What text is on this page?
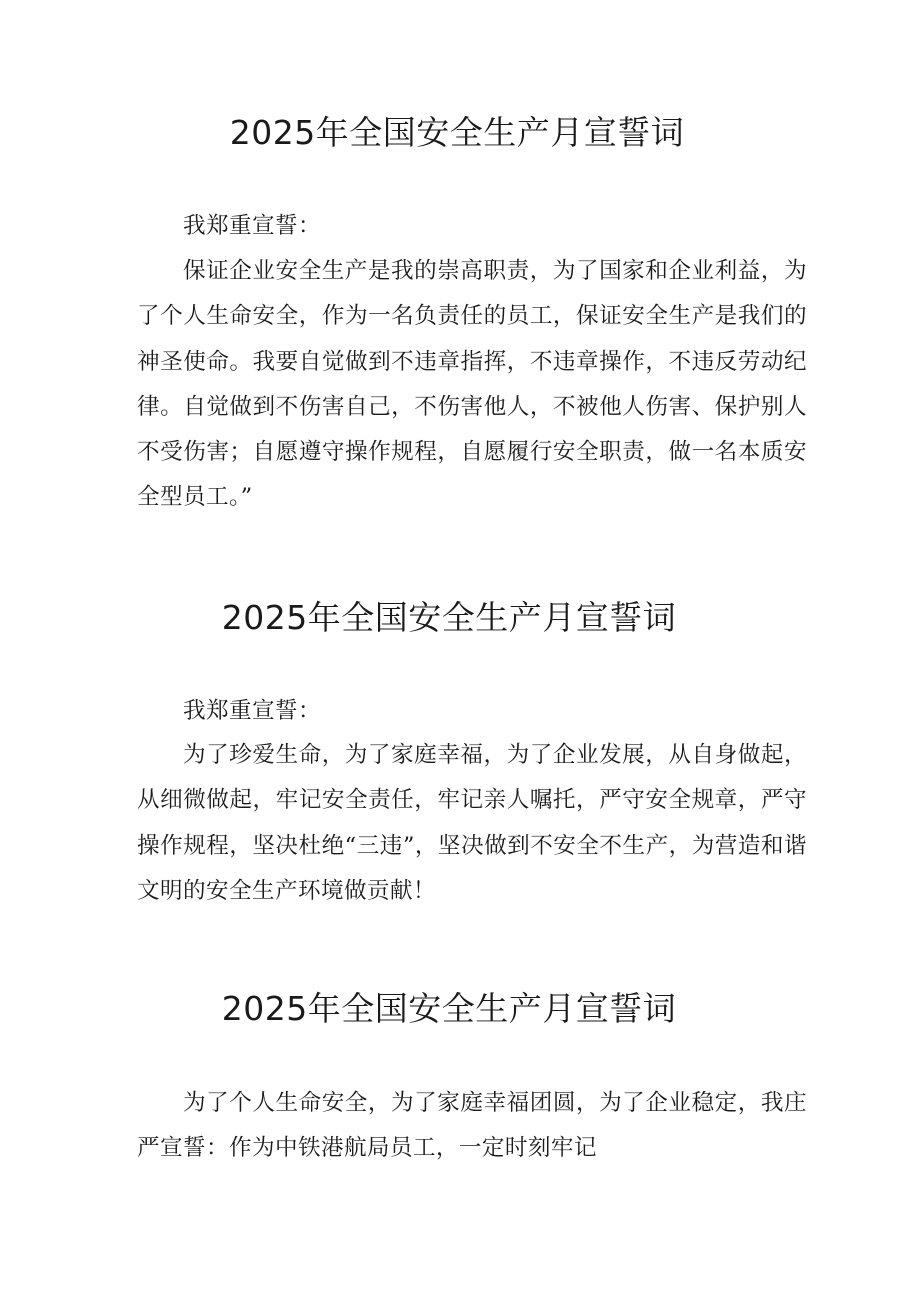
2025年全国安全生产月宣誓词

我郑重宣誓：

保证企业安全生产是我的崇高职责，为了国家和企业利益，为了个人生命安全，作为一名负责任的员工，保证安全生产是我们的神圣使命。我要自觉做到不违章指挥，不违章操作，不违反劳动纪律。自觉做到不伤害自己，不伤害他人，不被他人伤害、保护别人不受伤害；自愿遵守操作规程，自愿履行安全职责，做一名本质安全型员工。”

2025年全国安全生产月宣誓词

我郑重宣誓：

为了珍爱生命，为了家庭幸福，为了企业发展，从自身做起，从细微做起，牢记安全责任，牢记亲人嘱托，严守安全规章，严守操作规程，坚决杜绝“三违”，坚决做到不安全不生产，为营造和谐文明的安全生产环境做贡献！

2025年全国安全生产月宣誓词

为了个人生命安全，为了家庭幸福团圆，为了企业稳定，我庄严宣誓：作为中铁港航局员工，一定时刻牢记
